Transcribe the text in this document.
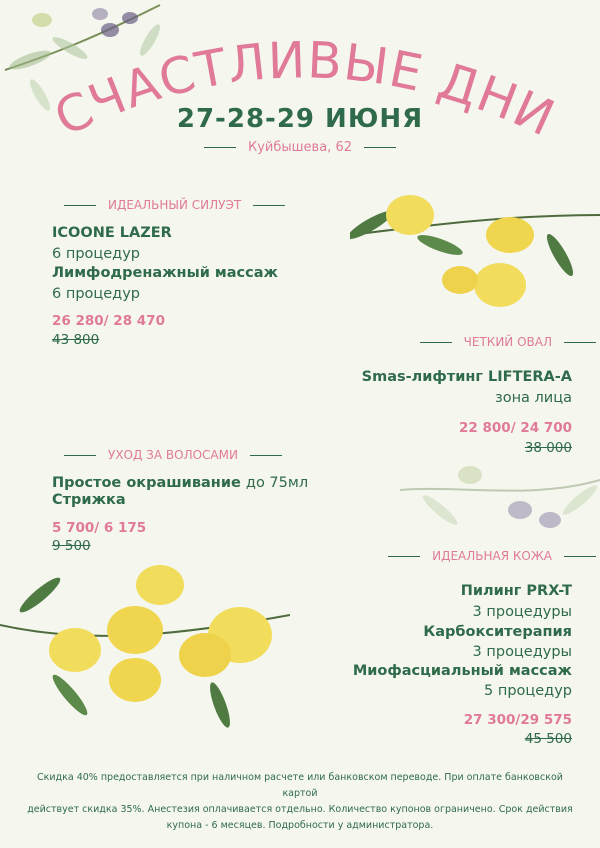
СЧАСТЛИВЫЕ ДНИ
27-28-29 ИЮНЯ
Куйбышева, 62
ИДЕАЛЬНЫЙ СИЛУЭТ
ICOONE LAZER
6 процедур
Лимфодренажный массаж
6 процедур
26 280/ 28 470
43 800	ЧЕТКИЙ ОВАЛ
Smas-лифтинг LIFTERA-A
зона лица
22 800/ 24 700
38 000
УХОД ЗА ВОЛОСАМИ
Простое окрашивание до 75мл
Стрижка
5 700/ 6 175
9 500
ИДЕАЛЬНАЯ КОЖА
Пилинг PRX-T
3 процедуры
Карбокситерапия
3 процедуры
Миофасциальный массаж
5 процедур
27 300/29 575
45 500
Скидка 40% предоставляется при наличном расчете или банковском переводе. При оплате банковской картой
действует скидка 35%. Анестезия оплачивается отдельно. Количество купонов ограничено. Срок действия
купона - 6 месяцев. Подробности у администратора.
